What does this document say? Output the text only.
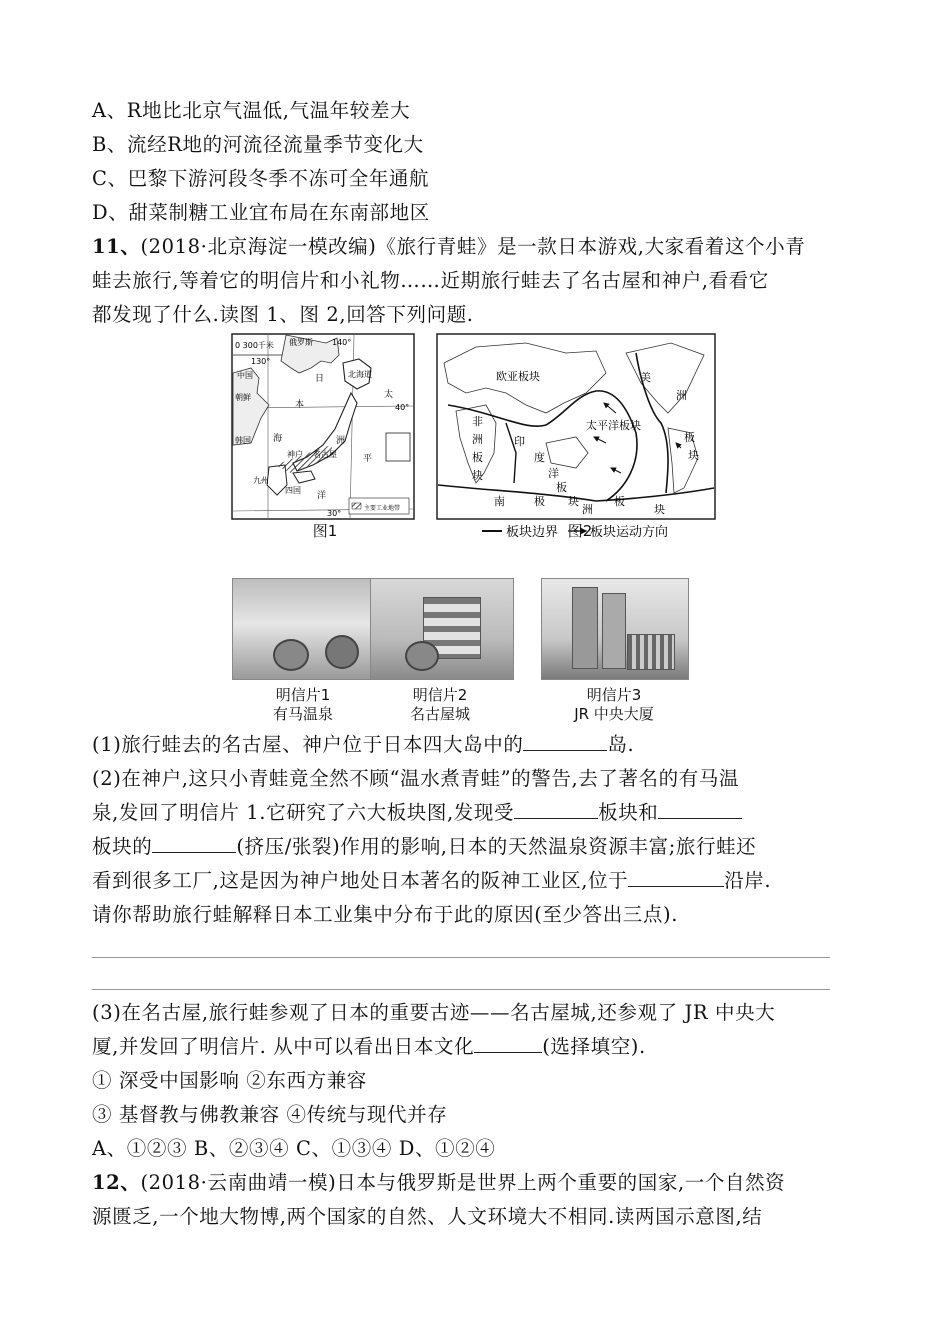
A、R地比北京气温低,气温年较差大
B、流经R地的河流径流量季节变化大
C、巴黎下游河段冬季不冻可全年通航
D、甜菜制糖工业宜布局在东南部地区
11、(2018·北京海淀一模改编)《旅行青蛙》是一款日本游戏,大家看着这个小青
蛙去旅行,等着它的明信片和小礼物……近期旅行蛙去了名古屋和神户,看看它
都发现了什么.读图 1、图 2,回答下列问题.
0 300千米 俄罗斯 140°
130°
中国	北海道
朝鲜
日
本
太
40°
韩国 海	洲
神户 名古屋	平
九州
四国
洋
30°
主要工业地带
图1
欧亚板块	美
洲
非
洲
板
块
印
度
洋
板
块
太平洋板块
板
块
南	极
洲
板
块
板块边界 板块运动方向
图2
明信片1
有马温泉
明信片2
名古屋城
明信片3
JR 中央大厦
(1)旅行蛙去的名古屋、神户位于日本四大岛中的	岛.
(2)在神户,这只小青蛙竟全然不顾“温水煮青蛙”的警告,去了著名的有马温
泉,发回了明信片 1.它研究了六大板块图,发现受	板块和
板块的	(挤压/张裂)作用的影响,日本的天然温泉资源丰富;旅行蛙还
看到很多工厂,这是因为神户地处日本著名的阪神工业区,位于	沿岸.
请你帮助旅行蛙解释日本工业集中分布于此的原因(至少答出三点).
(3)在名古屋,旅行蛙参观了日本的重要古迹——名古屋城,还参观了 JR 中央大
厦,并发回了明信片. 从中可以看出日本文化	(选择填空).
① 深受中国影响 ②东西方兼容
③ 基督教与佛教兼容 ④传统与现代并存
A、①②③ B、②③④ C、①③④ D、①②④
12、(2018·云南曲靖一模)日本与俄罗斯是世界上两个重要的国家,一个自然资
源匮乏,一个地大物博,两个国家的自然、人文环境大不相同.读两国示意图,结
